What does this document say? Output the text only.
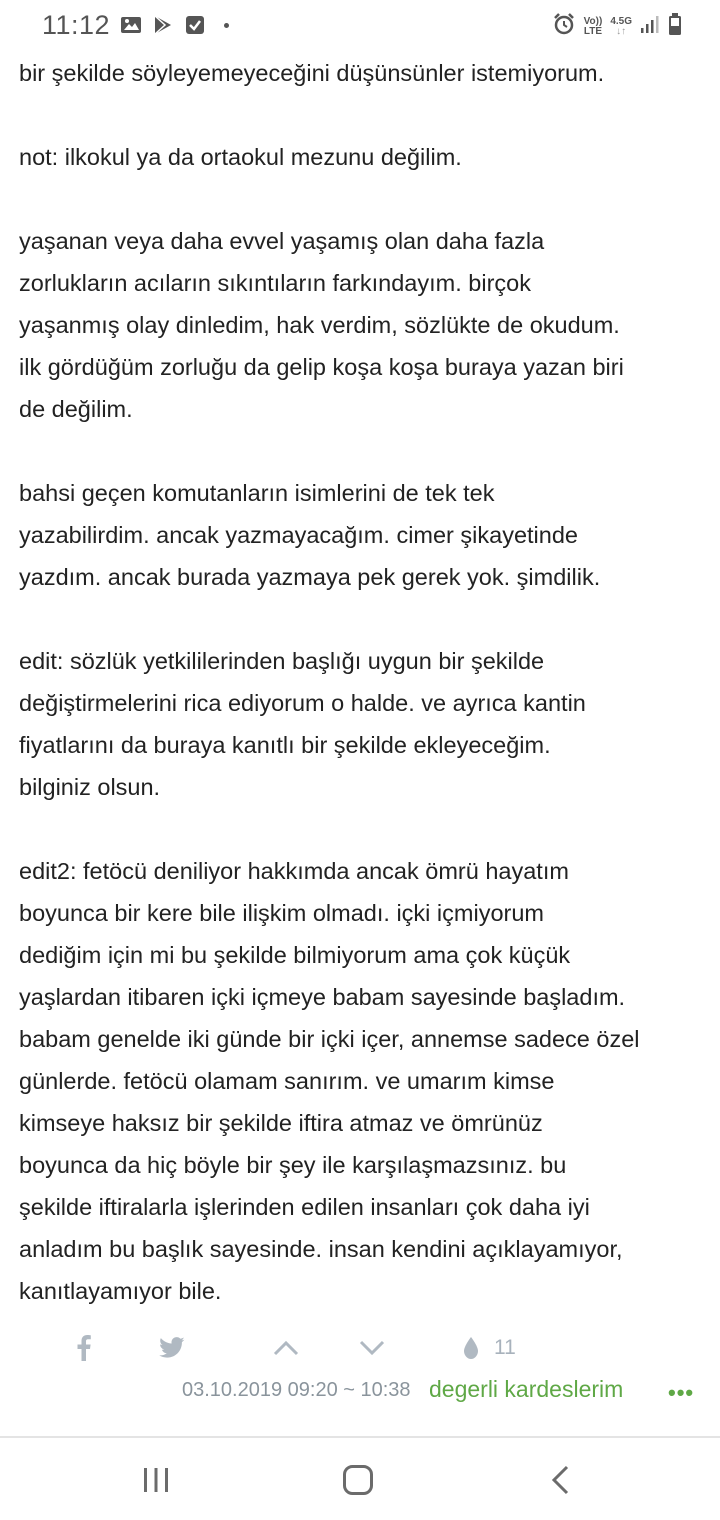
11:12	Vo))
LTE
4.5G
↓↑

bir şekilde söyleyemeyeceğini düşünsünler istemiyorum.

not: ilkokul ya da ortaokul mezunu değilim.

yaşanan veya daha evvel yaşamış olan daha fazla
zorlukların acıların sıkıntıların farkındayım. birçok
yaşanmış olay dinledim, hak verdim, sözlükte de okudum.
ilk gördüğüm zorluğu da gelip koşa koşa buraya yazan biri
de değilim.

bahsi geçen komutanların isimlerini de tek tek
yazabilirdim. ancak yazmayacağım. cimer şikayetinde
yazdım. ancak burada yazmaya pek gerek yok. şimdilik.

edit: sözlük yetkililerinden başlığı uygun bir şekilde
değiştirmelerini rica ediyorum o halde. ve ayrıca kantin
fiyatlarını da buraya kanıtlı bir şekilde ekleyeceğim.
bilginiz olsun.

edit2: fetöcü deniliyor hakkımda ancak ömrü hayatım
boyunca bir kere bile ilişkim olmadı. içki içmiyorum
dediğim için mi bu şekilde bilmiyorum ama çok küçük
yaşlardan itibaren içki içmeye babam sayesinde başladım.
babam genelde iki günde bir içki içer, annemse sadece özel
günlerde. fetöcü olamam sanırım. ve umarım kimse
kimseye haksız bir şekilde iftira atmaz ve ömrünüz
boyunca da hiç böyle bir şey ile karşılaşmazsınız. bu
şekilde iftiralarla işlerinden edilen insanları çok daha iyi
anladım bu başlık sayesinde. insan kendini açıklayamıyor,
kanıtlayamıyor bile.

11
03.10.2019 09:20 ~ 10:38 degerli kardeslerim •••
